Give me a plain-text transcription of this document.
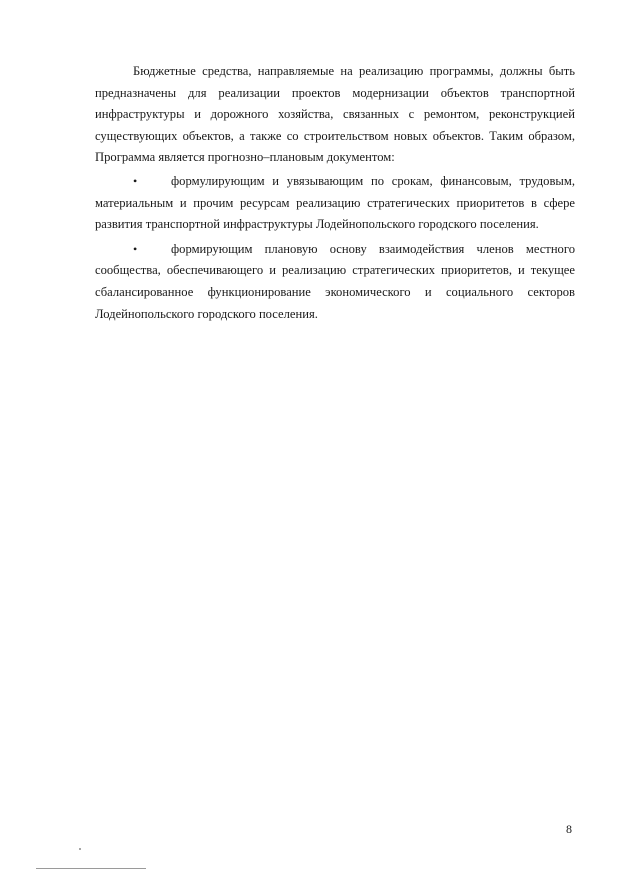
Бюджетные средства, направляемые на реализацию программы, должны быть предназначены для реализации проектов модернизации объектов транспортной инфраструктуры и дорожного хозяйства, связанных с ремонтом, реконструкцией существующих объектов, а также со строительством новых объектов. Таким образом, Программа является прогнозно–плановым документом:

•	формулирующим и увязывающим по срокам, финансовым, трудовым, материальным и прочим ресурсам реализацию стратегических приоритетов в сфере развития транспортной инфраструктуры Лодейнопольского городского поселения.

•	формирующим плановую основу взаимодействия членов местного сообщества, обеспечивающего и реализацию стратегических приоритетов, и текущее сбалансированное функционирование экономического и социального секторов Лодейнопольского городского поселения.

8
